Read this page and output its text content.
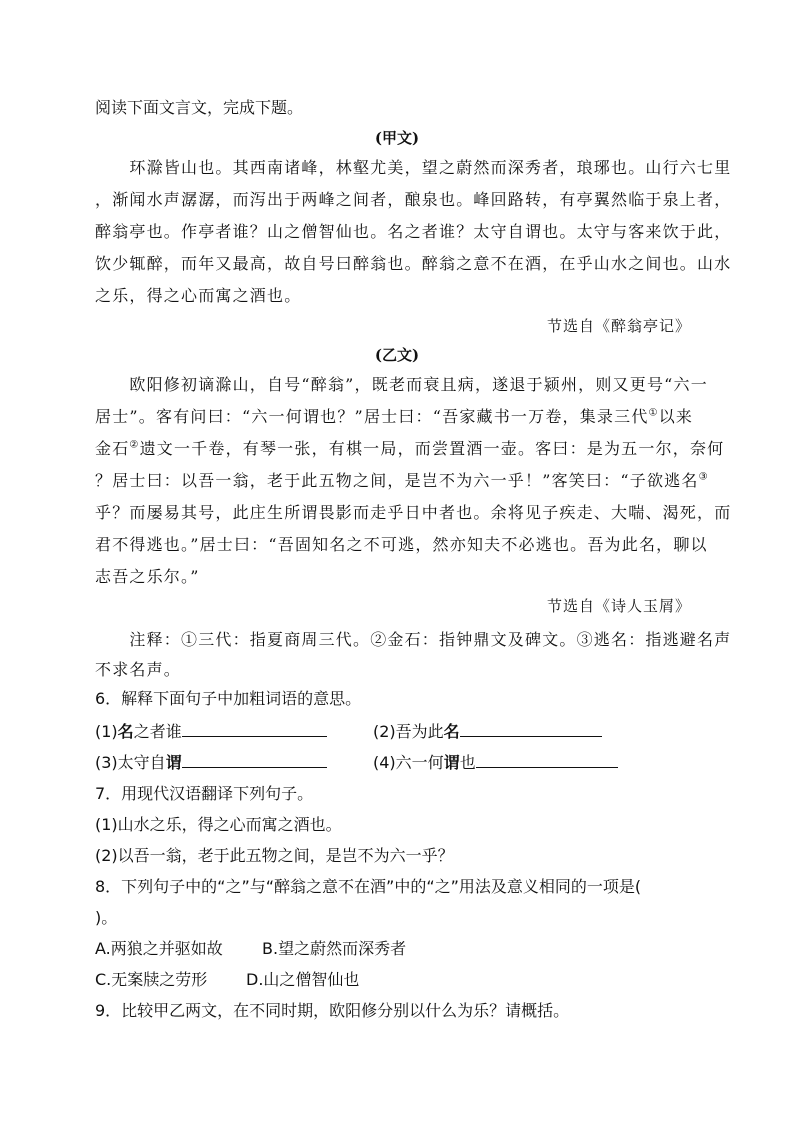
阅读下面文言文，完成下题。
(甲文)
　　环滁皆山也。其西南诸峰，林壑尤美，望之蔚然而深秀者，琅琊也。山行六七里
，渐闻水声潺潺，而泻出于两峰之间者，酿泉也。峰回路转，有亭翼然临于泉上者，
醉翁亭也。作亭者谁？山之僧智仙也。名之者谁？太守自谓也。太守与客来饮于此，
饮少辄醉，而年又最高，故自号曰醉翁也。醉翁之意不在酒，在乎山水之间也。山水
之乐，得之心而寓之酒也。
节选自《醉翁亭记》
(乙文)
　　欧阳修初谪滁山，自号“醉翁”，既老而衰且病，遂退于颍州，则又更号“六一
居士”。客有问曰：“六一何谓也？”居士曰：“吾家藏书一万卷，集录三代①以来
金石②遗文一千卷，有琴一张，有棋一局，而尝置酒一壶。客曰：是为五一尔，奈何
？居士曰：以吾一翁，老于此五物之间，是岂不为六一乎！”客笑曰：“子欲逃名③
乎？而屡易其号，此庄生所谓畏影而走乎日中者也。余将见子疾走、大喘、渴死，而
君不得逃也。”居士曰：“吾固知名之不可逃，然亦知夫不必逃也。吾为此名，聊以
志吾之乐尔。”
节选自《诗人玉屑》
　　注释：①三代：指夏商周三代。②金石：指钟鼎文及碑文。③逃名：指逃避名声
不求名声。
6．解释下面句子中加粗词语的意思。
(1)名之者谁	(2)吾为此名
(3)太守自谓	(4)六一何谓也
7．用现代汉语翻译下列句子。
(1)山水之乐，得之心而寓之酒也。
(2)以吾一翁，老于此五物之间，是岂不为六一乎？
8．下列句子中的“之”与“醉翁之意不在酒”中的“之”用法及意义相同的一项是(
)。
A.两狼之并驱如故 B.望之蔚然而深秀者
C.无案牍之劳形 D.山之僧智仙也
9．比较甲乙两文，在不同时期，欧阳修分别以什么为乐？请概括。
